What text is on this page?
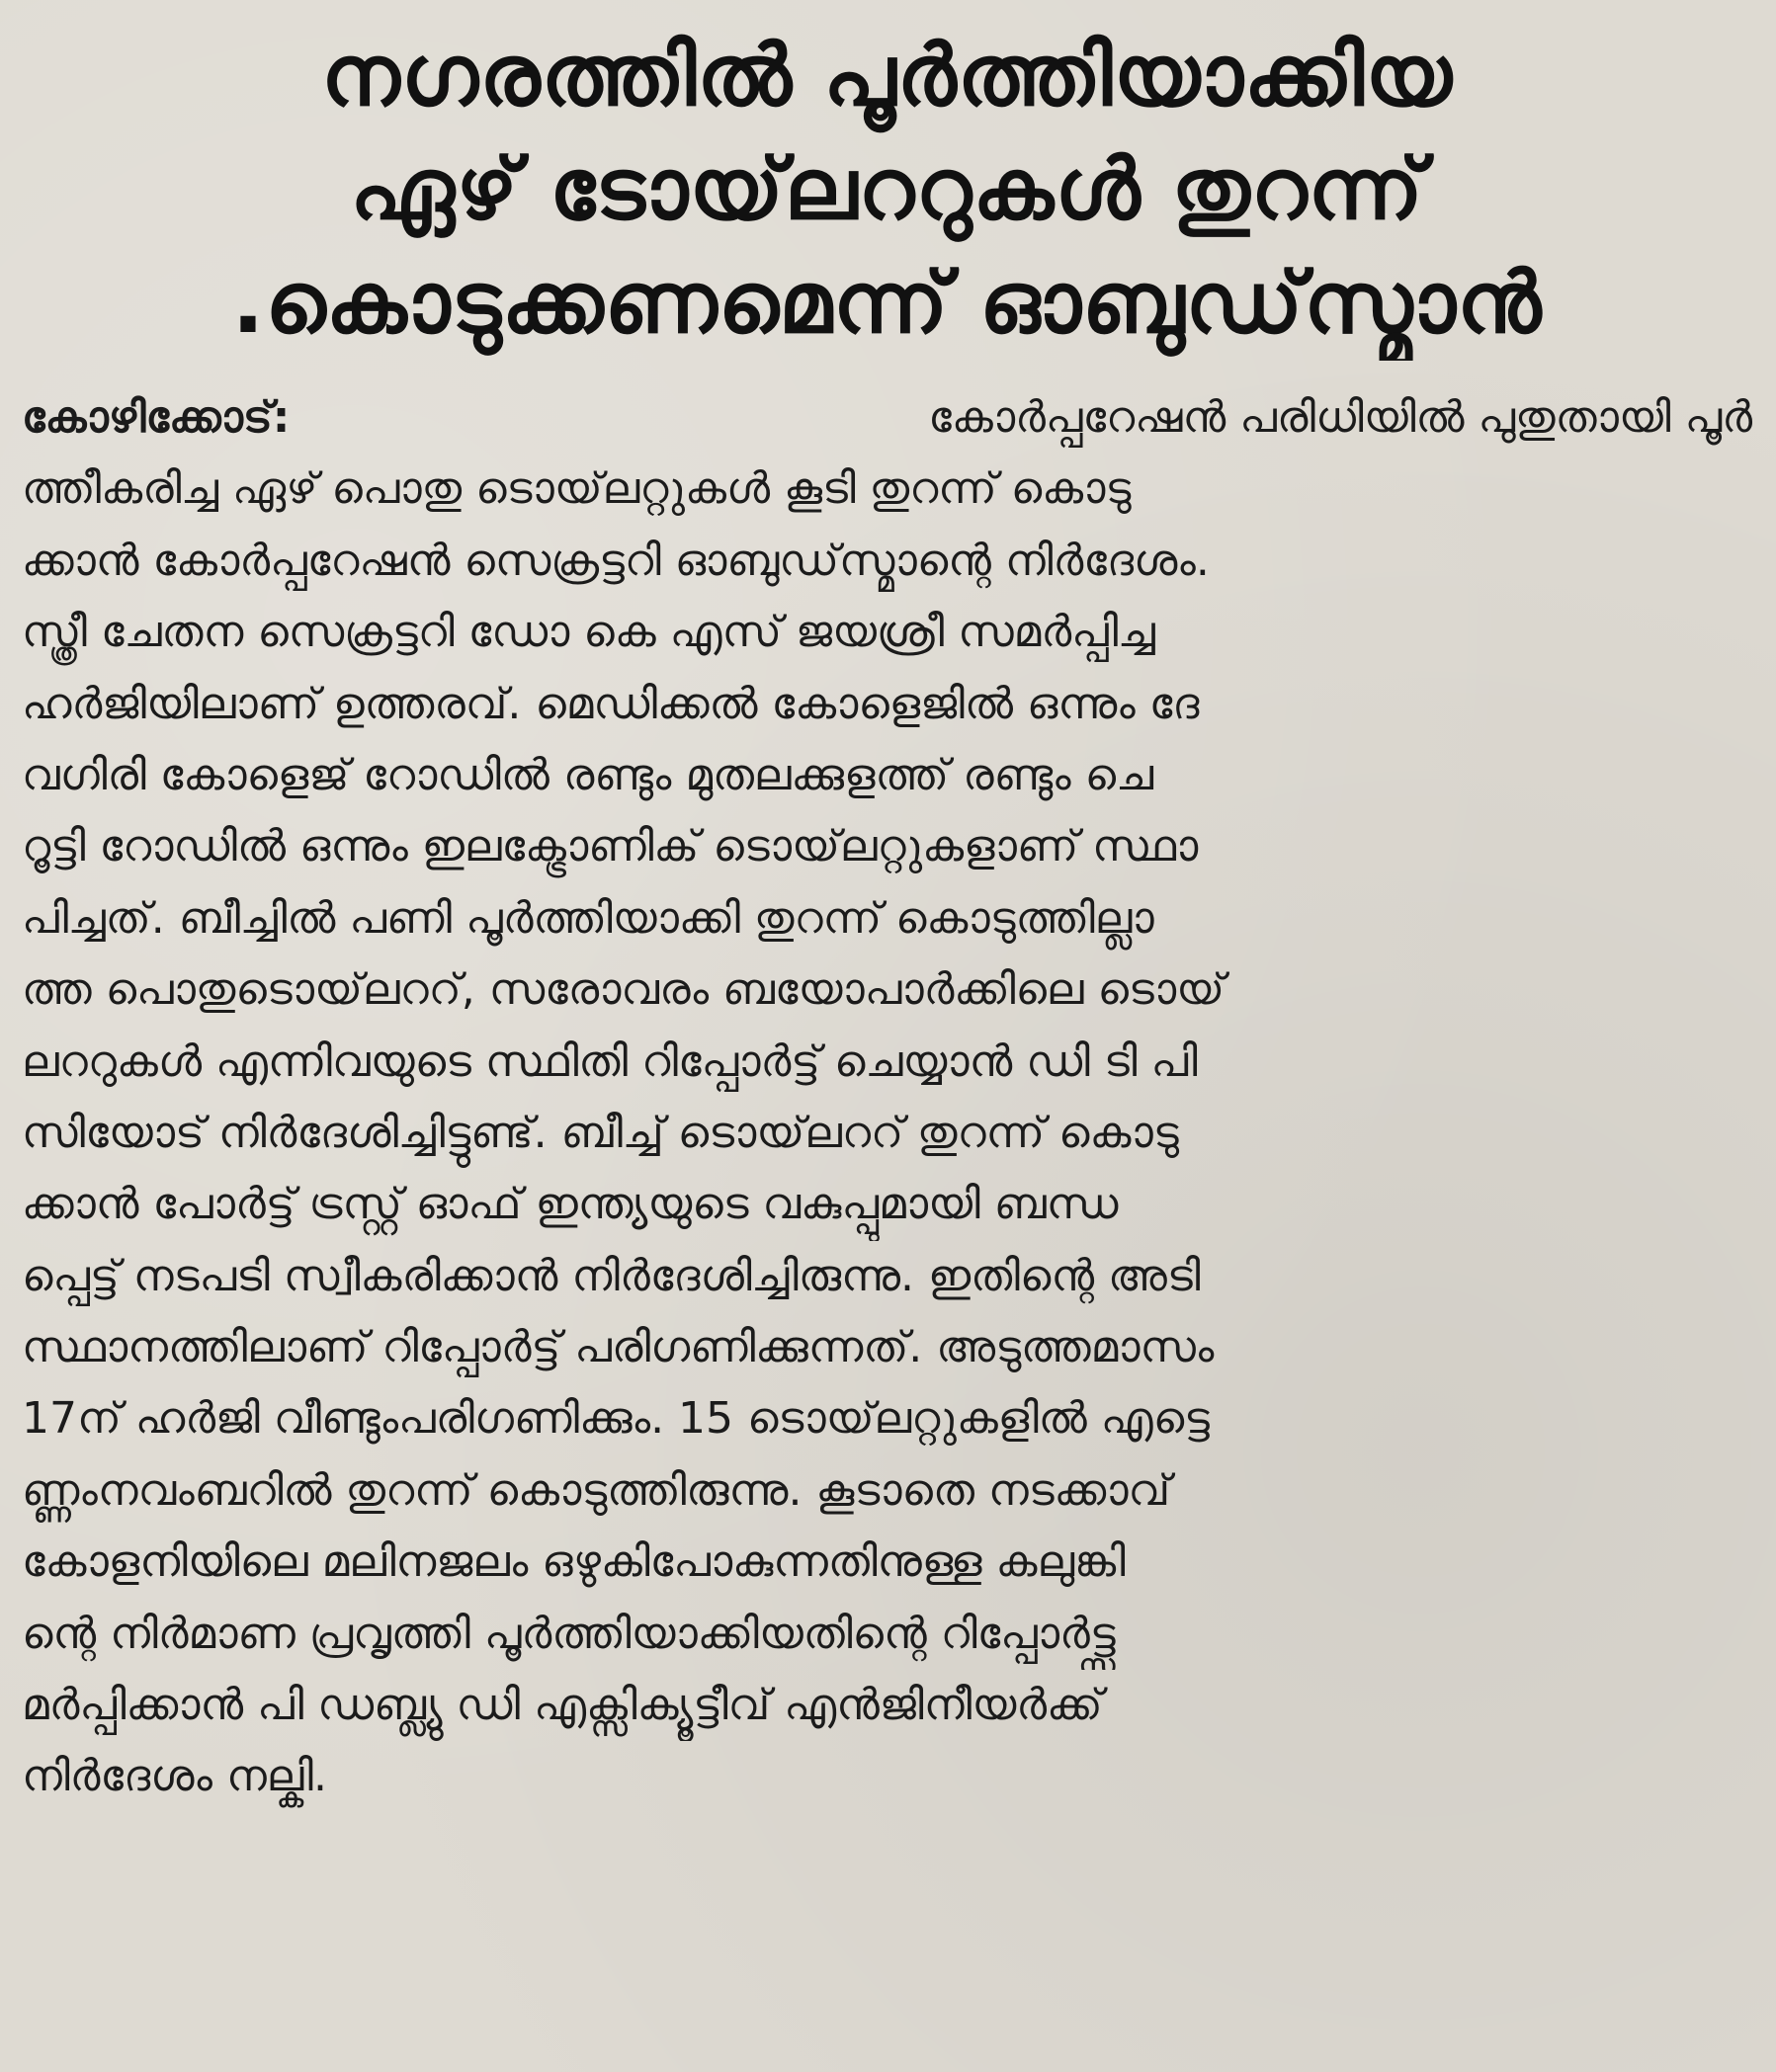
നഗരത്തിൽ പൂർത്തിയാക്കിയ
ഏഴ് ടോയ്‌ലററുകൾ തുറന്ന്
.കൊടുക്കണമെന്ന് ഓബുഡ്‌സ്മാൻ
കോഴിക്കോട്:	കോർപ്പറേഷൻ പരിധിയിൽ പുതുതായി പൂർ
ത്തീകരിച്ച ഏഴ് പൊതു ടൊയ്‌ലറ്റുകൾ കൂടി തുറന്ന് കൊടു
ക്കാൻ കോർപ്പറേഷൻ സെക്രട്ടറി ഓബുഡ്‌സ്മാന്റെ നിർദേശം.
സ്ത്രീ ചേതന സെക്രട്ടറി ഡോ കെ എസ് ജയശ്രീ സമർപ്പിച്ച
ഹർജിയിലാണ് ഉത്തരവ്. മെഡിക്കൽ കോളെജിൽ ഒന്നും ദേ
വഗിരി കോളെജ് റോഡിൽ രണ്ടും മുതലക്കുളത്ത് രണ്ടും ചെ
റൂട്ടി റോഡിൽ ഒന്നും ഇലക്ട്രോണിക് ടൊയ്‌ലറ്റുകളാണ് സ്ഥാ
പിച്ചത്. ബീച്ചിൽ പണി പൂർത്തിയാക്കി തുറന്ന് കൊടുത്തില്ലാ
ത്ത പൊതുടൊയ്‌ലററ്, സരോവരം ബയോപാർക്കിലെ ടൊയ്
ലററുകൾ എന്നിവയുടെ സ്ഥിതി റിപ്പോർട്ട് ചെയ്യാൻ ഡി ടി പി
സിയോട് നിർദേശിച്ചിട്ടുണ്ട്. ബീച്ച് ടൊയ്‌ലററ് തുറന്ന് കൊടു
ക്കാൻ പോർട്ട് ട്രസ്റ്റ് ഓഫ് ഇന്ത്യയുടെ വകുപ്പുമായി ബന്ധ
പ്പെട്ട് നടപടി സ്വീകരിക്കാൻ നിർദേശിച്ചിരുന്നു. ഇതിന്റെ അടി
സ്ഥാനത്തിലാണ് റിപ്പോർട്ട് പരിഗണിക്കുന്നത്. അടുത്തമാസം
17ന് ഹർജി വീണ്ടുംപരിഗണിക്കും. 15 ടൊയ്‌ലറ്റുകളിൽ എട്ടെ
ണ്ണംനവംബറിൽ തുറന്ന് കൊടുത്തിരുന്നു. കൂടാതെ നടക്കാവ്
കോളനിയിലെ മലിനജലം ഒഴുകിപോകുന്നതിനുള്ള കലുങ്കി
ന്റെ നിർമാണ പ്രവൃത്തി പൂർത്തിയാക്കിയതിന്റെ റിപ്പോർട്ട്സ
മർപ്പിക്കാൻ പി ഡബ്ല്യു ഡി എക്സിക്യൂട്ടീവ് എൻജിനീയർക്ക്
നിർദേശം നല്കി.
